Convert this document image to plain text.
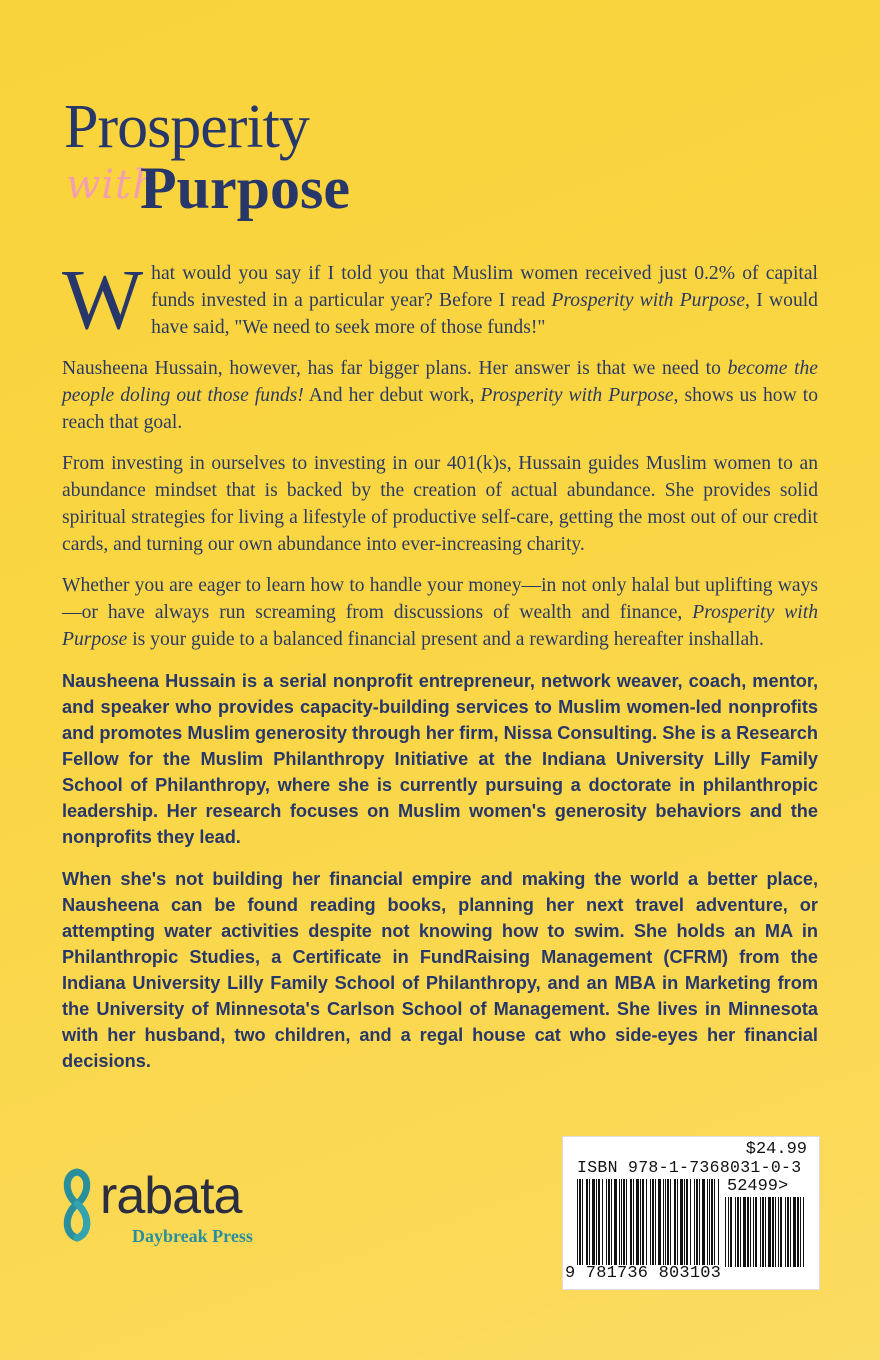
Prosperity
with
Purpose

What would you say if I told you that Muslim women received just 0.2% of capital funds invested in a particular year? Before I read Prosperity with Purpose, I would have said, "We need to seek more of those funds!"

Nausheena Hussain, however, has far bigger plans. Her answer is that we need to become the people doling out those funds! And her debut work, Prosperity with Purpose, shows us how to reach that goal.

From investing in ourselves to investing in our 401(k)s, Hussain guides Muslim women to an abundance mindset that is backed by the creation of actual abundance. She provides solid spiritual strategies for living a lifestyle of productive self-care, getting the most out of our credit cards, and turning our own abundance into ever-increasing charity.

Whether you are eager to learn how to handle your money—in not only halal but uplifting ways—or have always run screaming from discussions of wealth and finance, Prosperity with Purpose is your guide to a balanced financial present and a rewarding hereafter inshallah.

Nausheena Hussain is a serial nonprofit entrepreneur, network weaver, coach, mentor, and speaker who provides capacity-building services to Muslim women-led nonprofits and promotes Muslim generosity through her firm, Nissa Consulting. She is a Research Fellow for the Muslim Philanthropy Initiative at the Indiana University Lilly Family School of Philanthropy, where she is currently pursuing a doctorate in philanthropic leadership. Her research focuses on Muslim women's generosity behaviors and the nonprofits they lead.

When she's not building her financial empire and making the world a better place, Nausheena can be found reading books, planning her next travel adventure, or attempting water activities despite not knowing how to swim. She holds an MA in Philanthropic Studies, a Certificate in FundRaising Management (CFRM) from the Indiana University Lilly Family School of Philanthropy, and an MBA in Marketing from the University of Minnesota's Carlson School of Management. She lives in Minnesota with her husband, two children, and a regal house cat who side-eyes her financial decisions.

rabata
Daybreak Press
$24.99
ISBN 978-1-7368031-0-3
9 781736 803103
52499>
